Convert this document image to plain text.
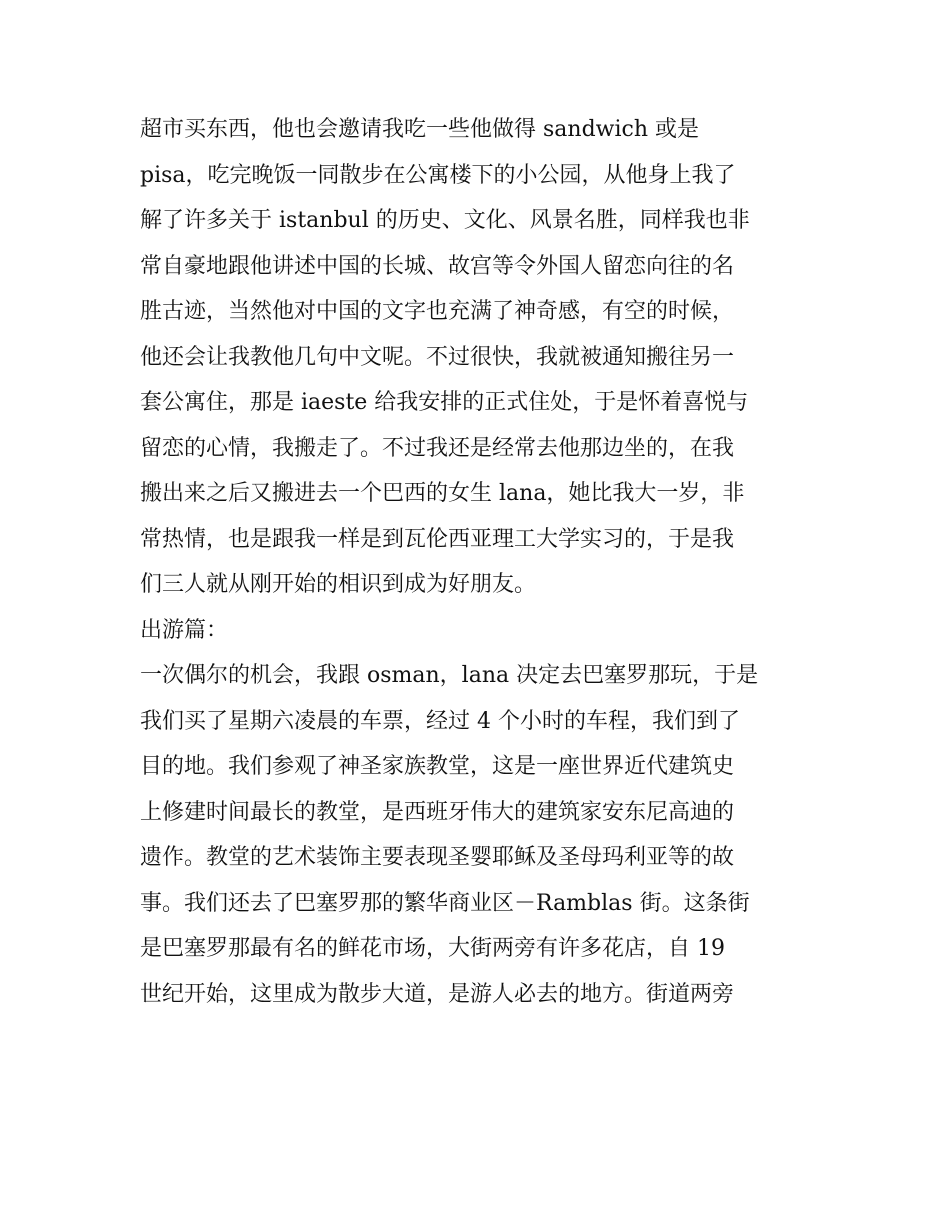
超市买东西，他也会邀请我吃一些他做得 sandwich 或是
pisa，吃完晚饭一同散步在公寓楼下的小公园，从他身上我了
解了许多关于 istanbul 的历史、文化、风景名胜，同样我也非
常自豪地跟他讲述中国的长城、故宫等令外国人留恋向往的名
胜古迹，当然他对中国的文字也充满了神奇感，有空的时候，
他还会让我教他几句中文呢。不过很快，我就被通知搬往另一
套公寓住，那是 iaeste 给我安排的正式住处，于是怀着喜悦与
留恋的心情，我搬走了。不过我还是经常去他那边坐的，在我
搬出来之后又搬进去一个巴西的女生 lana，她比我大一岁，非
常热情，也是跟我一样是到瓦伦西亚理工大学实习的，于是我
们三人就从刚开始的相识到成为好朋友。
出游篇：
一次偶尔的机会，我跟 osman，lana 决定去巴塞罗那玩，于是
我们买了星期六凌晨的车票，经过 4 个小时的车程，我们到了
目的地。我们参观了神圣家族教堂，这是一座世界近代建筑史
上修建时间最长的教堂，是西班牙伟大的建筑家安东尼高迪的
遗作。教堂的艺术装饰主要表现圣婴耶稣及圣母玛利亚等的故
事。我们还去了巴塞罗那的繁华商业区－Ramblas 街。这条街
是巴塞罗那最有名的鲜花市场，大街两旁有许多花店，自 19
世纪开始，这里成为散步大道，是游人必去的地方。街道两旁
